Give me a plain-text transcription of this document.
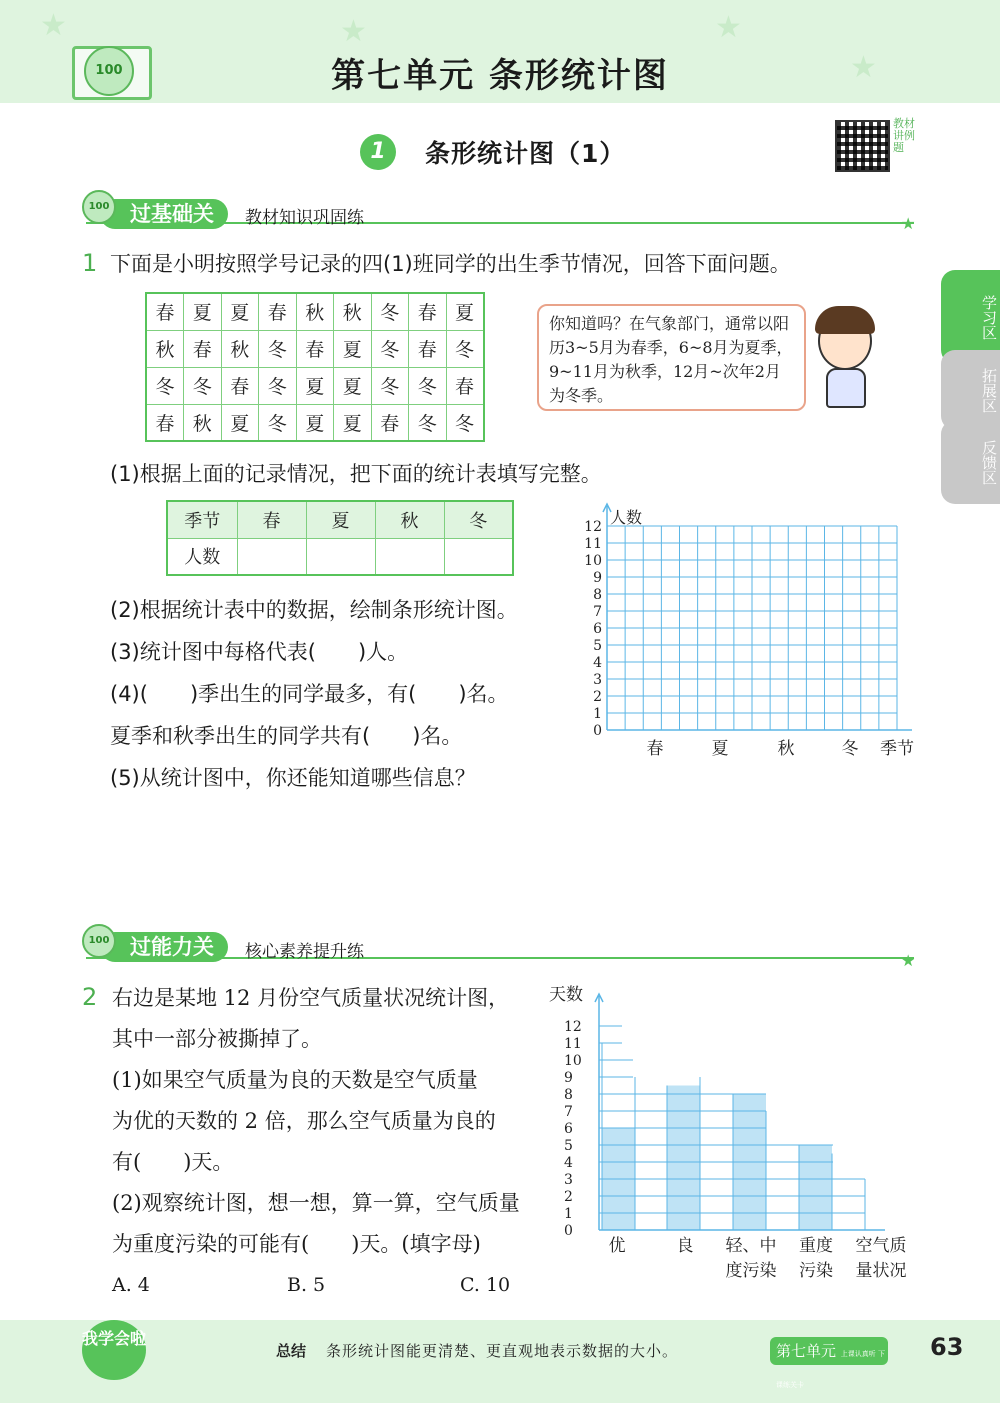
★	★	★
★
100	第七单元 条形统计图
1	条形统计图（1）
教材讲例题
学习区
拓展区
反馈区
过基础关
100
教材知识巩固练	★
1 下面是小明按照学号记录的四(1)班同学的出生季节情况，回答下面问题。
春	夏	夏	春	秋	秋	冬	春	夏
秋	春	秋	冬	春	夏	冬	春	冬
冬	冬	春	冬	夏	夏	冬	冬	春
春	秋	夏	冬	夏	夏	春	冬	冬
你知道吗？在气象部门，通常以阳历3~5月为春季，6~8月为夏季，9~11月为秋季，12月~次年2月为冬季。
(1)根据上面的记录情况，把下面的统计表填写完整。
季节	春	夏	秋	冬
人数				
(2)根据统计表中的数据，绘制条形统计图。
(3)统计图中每格代表(　　)人。
(4)(　　)季出生的同学最多，有(　　)名。
夏季和秋季出生的同学共有(　　)名。
(5)从统计图中，你还能知道哪些信息？
0
1
2
3
4
5
6
7
8
9
10
11
12 人数
春	夏	秋	冬 季节
过能力关
100
核心素养提升练	★
2 右边是某地 12 月份空气质量状况统计图，
其中一部分被撕掉了。
(1)如果空气质量为良的天数是空气质量
为优的天数的 2 倍，那么空气质量为良的
有(　　)天。
(2)观察统计图，想一想，算一算，空气质量
为重度污染的可能有(　　)天。(填字母)
A. 4	B. 5	C. 10
0
1
2
3
4
5
6
7
8
9
10
11
12
天数
优	良 轻、中
度污染
重度
污染
空气质
量状况
我学会啦
总结 条形统计图能更清楚、更直观地表示数据的大小。	第七单元 上课认真听 下课练关卡
63
